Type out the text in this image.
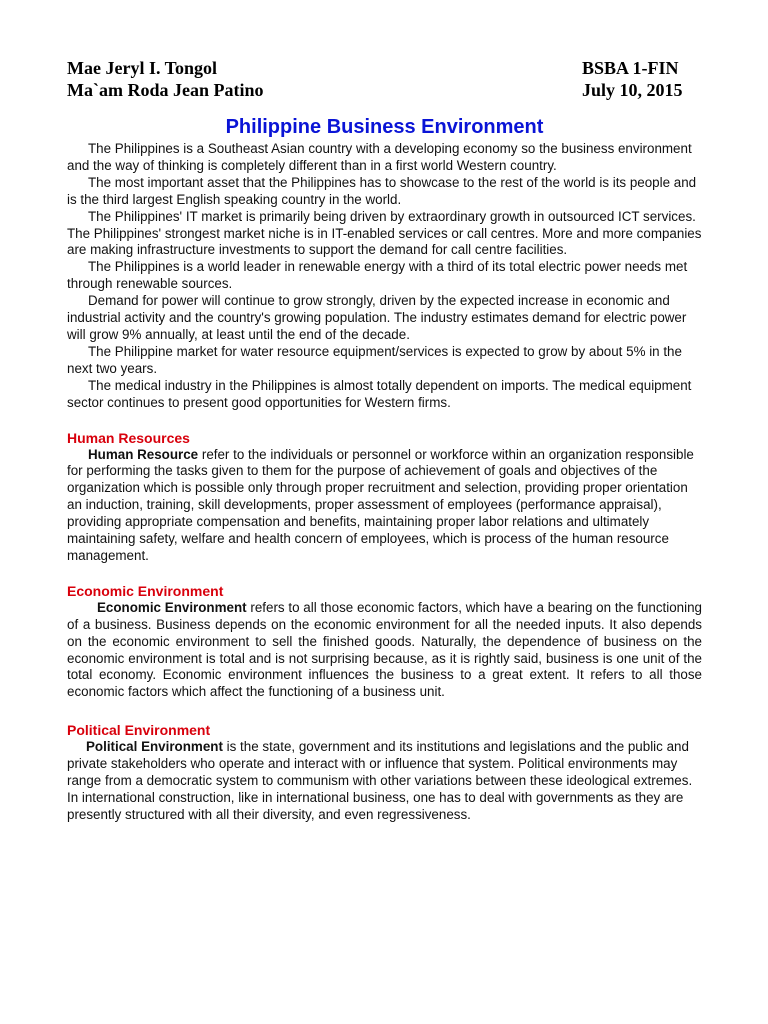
Mae Jeryl I. Tongol	BSBA 1-FIN
Ma`am Roda Jean Patino	July 10, 2015
Philippine Business Environment

The Philippines is a Southeast Asian country with a developing economy so the business environment and the way of thinking is completely different than in a first world Western country.

The most important asset that the Philippines has to showcase to the rest of the world is its people and is the third largest English speaking country in the world.

The Philippines' IT market is primarily being driven by extraordinary growth in outsourced ICT services. The Philippines' strongest market niche is in IT-enabled services or call centres. More and more companies are making infrastructure investments to support the demand for call centre facilities.

The Philippines is a world leader in renewable energy with a third of its total electric power needs met through renewable sources.

Demand for power will continue to grow strongly, driven by the expected increase in economic and industrial activity and the country's growing population. The industry estimates demand for electric power will grow 9% annually, at least until the end of the decade.

The Philippine market for water resource equipment/services is expected to grow by about 5% in the next two years.

The medical industry in the Philippines is almost totally dependent on imports. The medical equipment sector continues to present good opportunities for Western firms.

Human Resources

Human Resource refer to the individuals or personnel or workforce within an organization responsible for performing the tasks given to them for the purpose of achievement of goals and objectives of the organization which is possible only through proper recruitment and selection, providing proper orientation an induction, training, skill developments, proper assessment of employees (performance appraisal), providing appropriate compensation and benefits, maintaining proper labor relations and ultimately maintaining safety, welfare and health concern of employees, which is process of the human resource management.

Economic Environment

Economic Environment refers to all those economic factors, which have a bearing on the functioning of a business. Business depends on the economic environment for all the needed inputs. It also depends on the economic environment to sell the finished goods. Naturally, the dependence of business on the economic environment is total and is not surprising because, as it is rightly said, business is one unit of the total economy. Economic environment influences the business to a great extent. It refers to all those economic factors which affect the functioning of a business unit.

Political Environment

Political Environment is the state, government and its institutions and legislations and the public and private stakeholders who operate and interact with or influence that system. Political environments may range from a democratic system to communism with other variations between these ideological extremes. In international construction, like in international business, one has to deal with governments as they are presently structured with all their diversity, and even regressiveness.
